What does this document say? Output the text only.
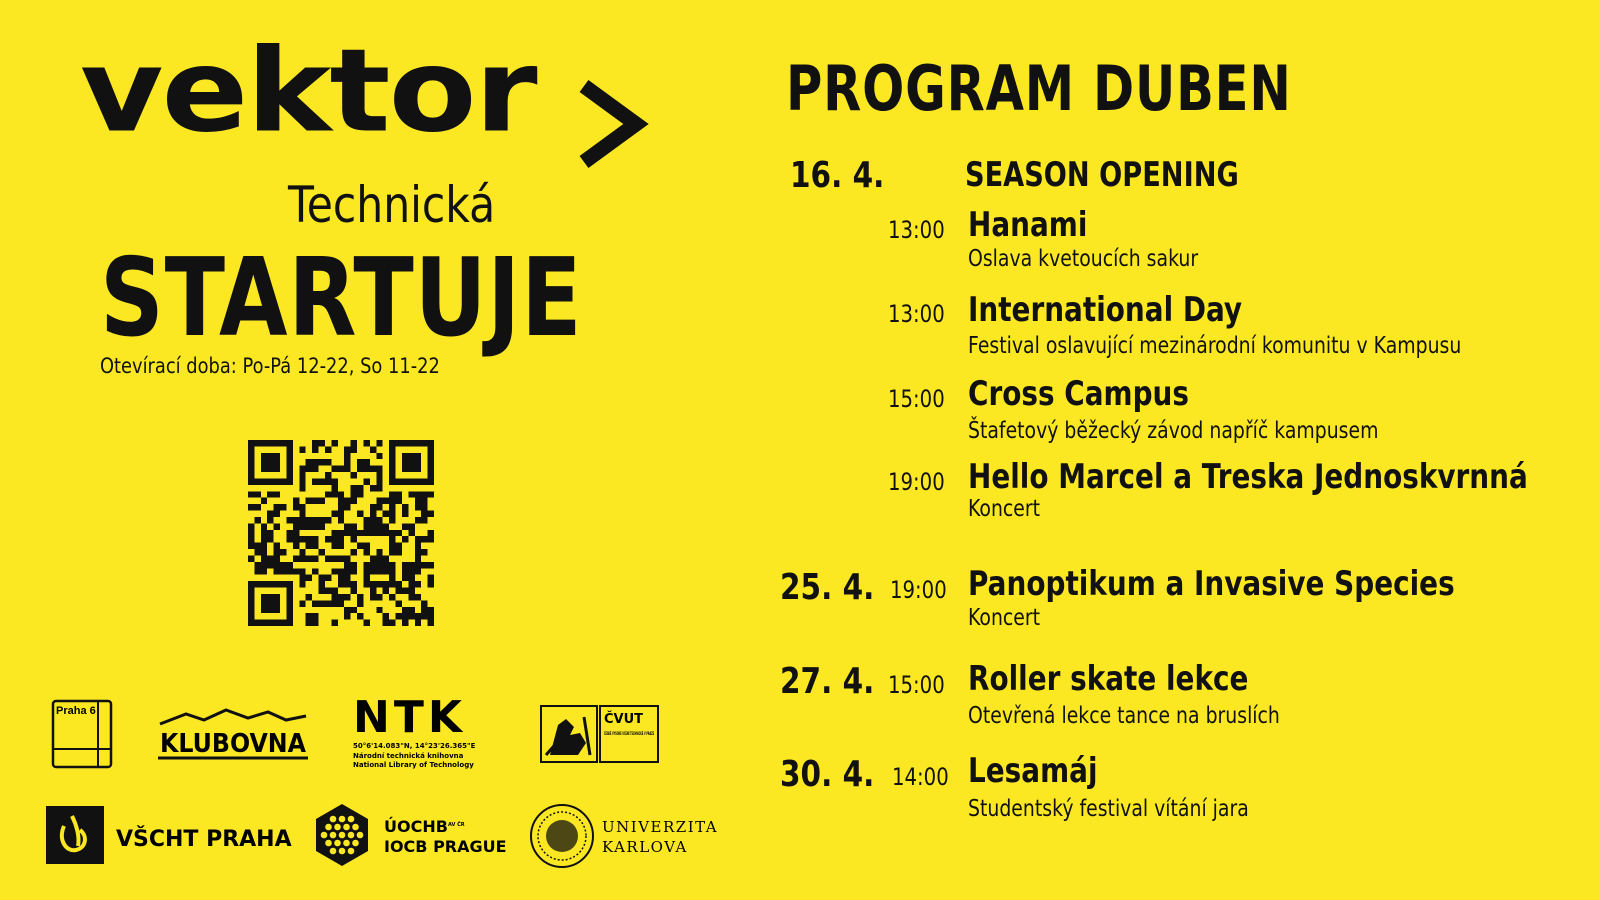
vektor
Technická
STARTUJE
Otevírací doba: Po-Pá 12-22, So 11-22
Praha 6
KLUBOVNA
NTK
50°6'14.083"N, 14°23'26.365"E
Národní technická knihovna
National Library of Technology
ČVUT
ČESKÉ VYSOKÉ UČENÍ TECHNICKÉ V PRAZE
VŠCHT PRAHA
ÚOCHB AV ČR
IOCB PRAGUE
UNIVERZITA
KARLOVA
PROGRAM DUBEN
16. 4. SEASON OPENING
13:00 Hanami
Oslava kvetoucích sakur
13:00 International Day
Festival oslavující mezinárodní komunitu v Kampusu
15:00 Cross Campus
Štafetový běžecký závod napříč kampusem
19:00 Hello Marcel a Treska Jednoskvrnná
Koncert
25. 4. 19:00 Panoptikum a Invasive Species
Koncert
27. 4. 15:00 Roller skate lekce
Otevřená lekce tance na bruslích
30. 4. 14:00 Lesamáj
Studentský festival vítání jara
